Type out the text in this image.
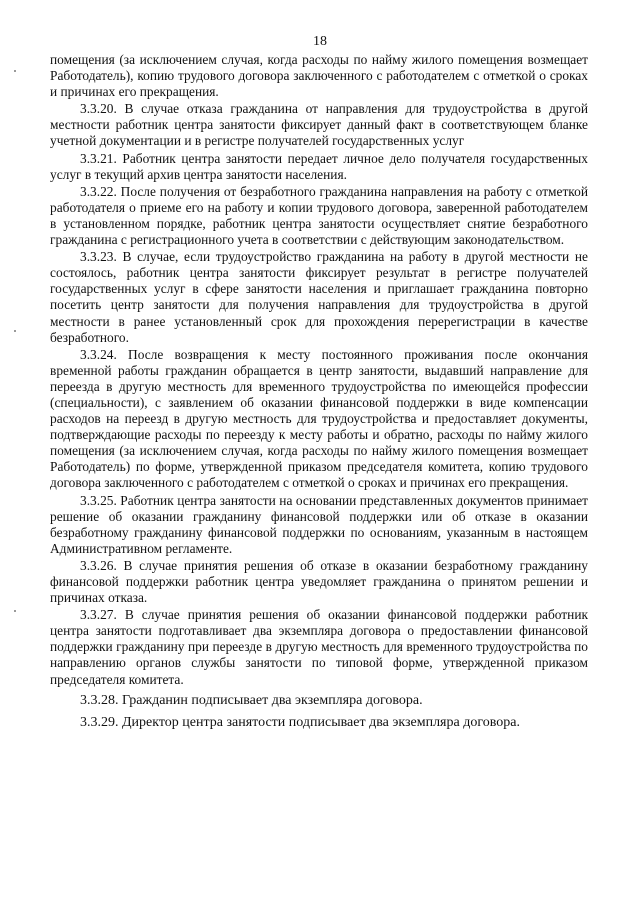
18

помещения (за исключением случая, когда расходы по найму жилого помещения возмещает Работодатель), копию трудового договора заключенного с работодателем с отметкой о сроках и причинах его прекращения.

3.3.20. В случае отказа гражданина от направления для трудоустройства в другой местности работник центра занятости фиксирует данный факт в соответствующем бланке учетной документации и в регистре получателей государственных услуг

3.3.21. Работник центра занятости передает личное дело получателя государственных услуг в текущий архив центра занятости населения.

3.3.22. После получения от безработного гражданина направления на работу с отметкой работодателя о приеме его на работу и копии трудового договора, заверенной работодателем в установленном порядке, работник центра занятости осуществляет снятие безработного гражданина с регистрационного учета в соответствии с действующим законодательством.

3.3.23. В случае, если трудоустройство гражданина на работу в другой местности не состоялось, работник центра занятости фиксирует результат в регистре получателей государственных услуг в сфере занятости населения и приглашает гражданина повторно посетить центр занятости для получения направления для трудоустройства в другой местности в ранее установленный срок для прохождения перерегистрации в качестве безработного.

3.3.24. После возвращения к месту постоянного проживания после окончания временной работы гражданин обращается в центр занятости, выдавший направление для переезда в другую местность для временного трудоустройства по имеющейся профессии (специальности), с заявлением об оказании финансовой поддержки в виде компенсации расходов на переезд в другую местность для трудоустройства и предоставляет документы, подтверждающие расходы по переезду к месту работы и обратно, расходы по найму жилого помещения (за исключением случая, когда расходы по найму жилого помещения возмещает Работодатель) по форме, утвержденной приказом председателя комитета, копию трудового договора заключенного с работодателем с отметкой о сроках и причинах его прекращения.

3.3.25. Работник центра занятости на основании представленных документов принимает решение об оказании гражданину финансовой поддержки или об отказе в оказании безработному гражданину финансовой поддержки по основаниям, указанным в настоящем Административном регламенте.

3.3.26. В случае принятия решения об отказе в оказании безработному гражданину финансовой поддержки работник центра уведомляет гражданина о принятом решении и причинах отказа.

3.3.27. В случае принятия решения об оказании финансовой поддержки работник центра занятости подготавливает два экземпляра договора о предоставлении финансовой поддержки гражданину при переезде в другую местность для временного трудоустройства по направлению органов службы занятости по типовой форме, утвержденной приказом председателя комитета.

3.3.28. Гражданин подписывает два экземпляра договора.

3.3.29. Директор центра занятости подписывает два экземпляра договора.
